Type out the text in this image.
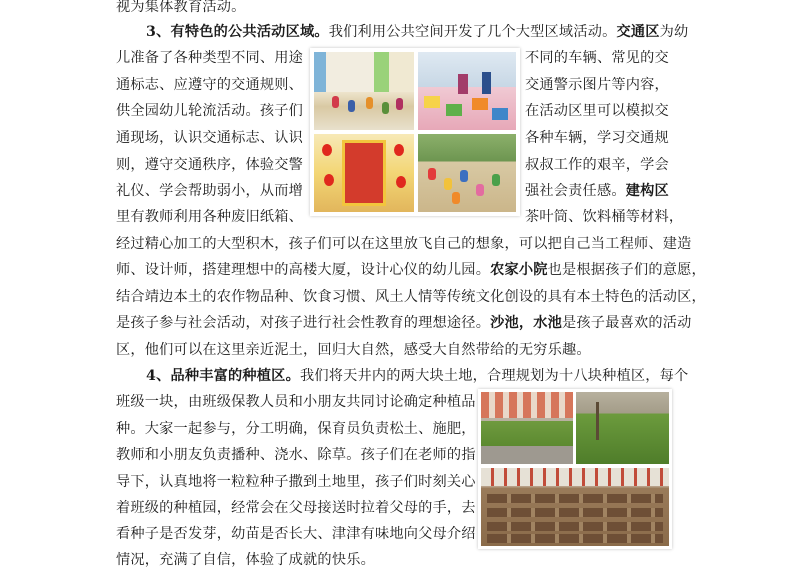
视为集体教育活动。
3、有特色的公共活动区域。我们利用公共空间开发了几个大型区域活动。交通区为幼
儿准备了各种类型不同、用途	不同的车辆、常见的交
通标志、应遵守的交通规则、	交通警示图片等内容，
供全园幼儿轮流活动。孩子们	在活动区里可以模拟交
通现场，认识交通标志、认识	各种车辆，学习交通规
则，遵守交通秩序，体验交警	叔叔工作的艰辛，学会
礼仪、学会帮助弱小，从而增	强社会责任感。建构区
里有教师利用各种废旧纸箱、	茶叶筒、饮料桶等材料，
经过精心加工的大型积木，孩子们可以在这里放飞自己的想象，可以把自己当工程师、建造
师、设计师，搭建理想中的高楼大厦，设计心仪的幼儿园。农家小院也是根据孩子们的意愿，
结合靖边本土的农作物品种、饮食习惯、风土人情等传统文化创设的具有本土特色的活动区，
是孩子参与社会活动，对孩子进行社会性教育的理想途径。沙池，水池是孩子最喜欢的活动
区，他们可以在这里亲近泥土，回归大自然，感受大自然带给的无穷乐趣。
4、品种丰富的种植区。我们将天井内的两大块土地，合理规划为十八块种植区，每个
班级一块，由班级保教人员和小朋友共同讨论确定种植品
种。大家一起参与，分工明确，保育员负责松土、施肥，
教师和小朋友负责播种、浇水、除草。孩子们在老师的指
导下，认真地将一粒粒种子撒到土地里，孩子们时刻关心
着班级的种植园，经常会在父母接送时拉着父母的手，去
看种子是否发芽，幼苗是否长大、津津有味地向父母介绍
情况，充满了自信，体验了成就的快乐。
